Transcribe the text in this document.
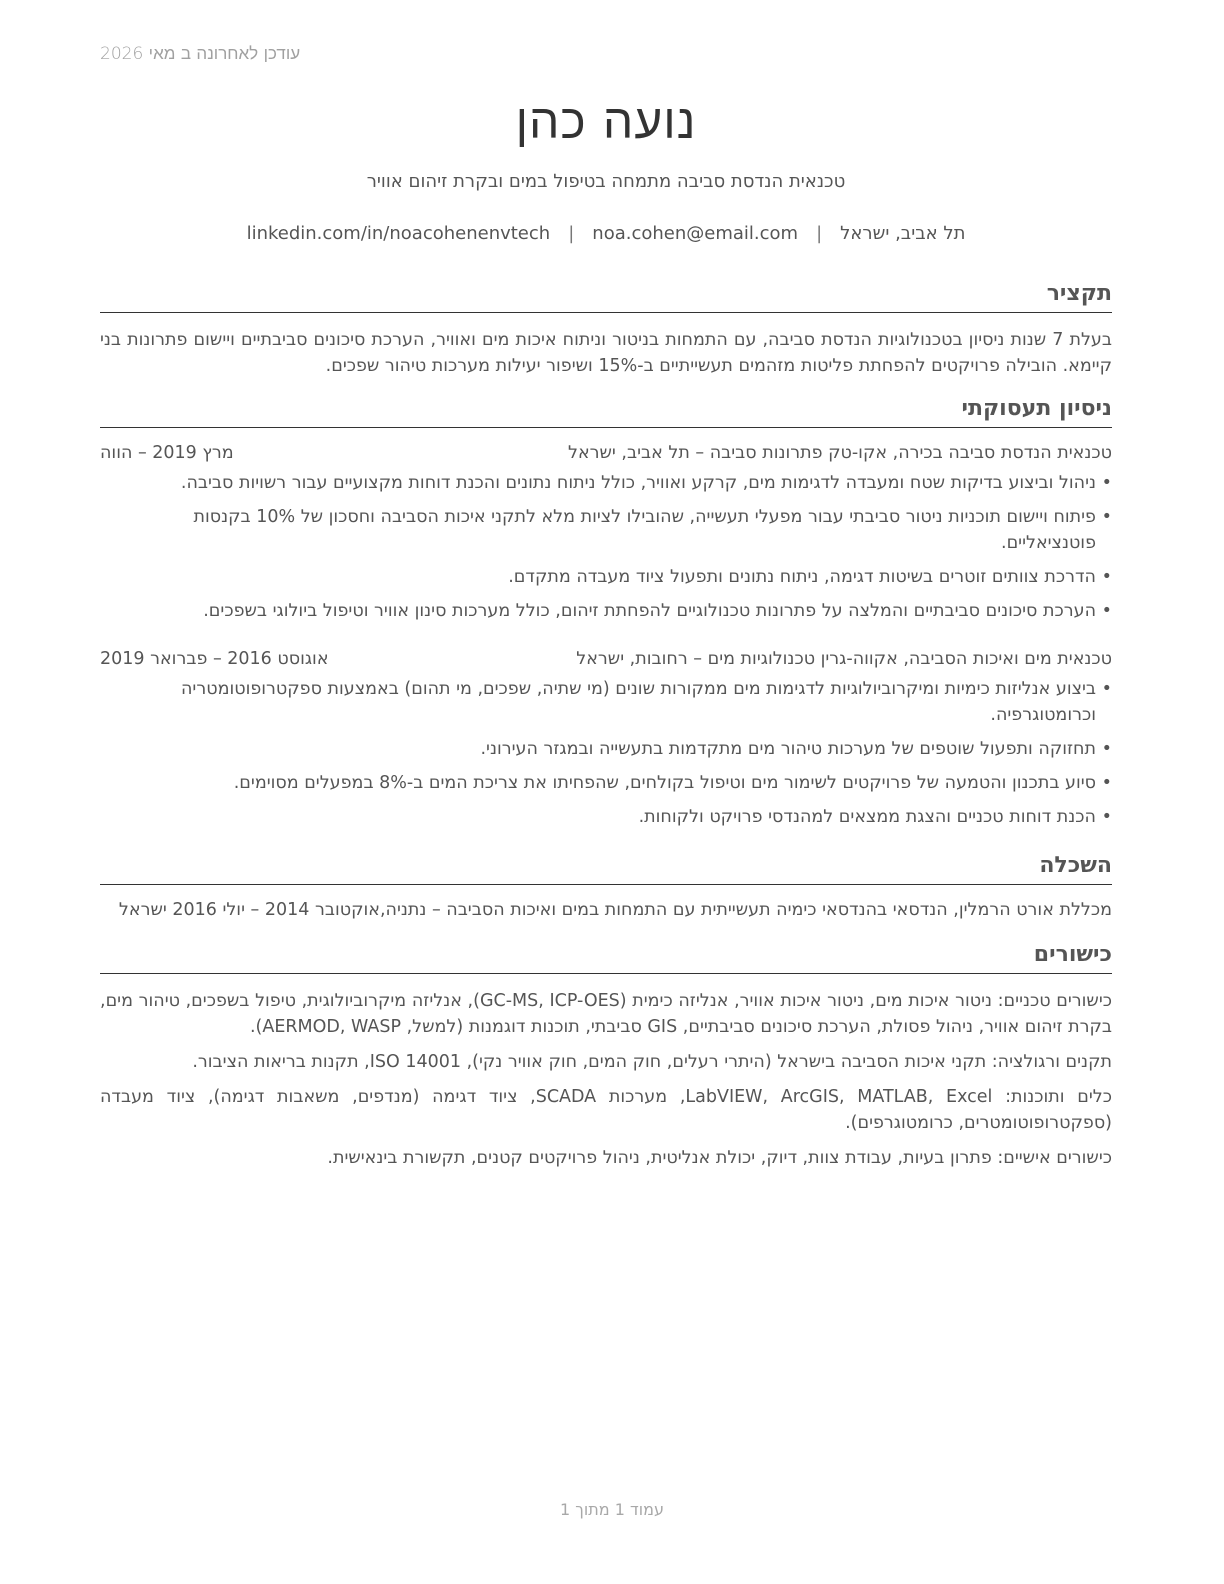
עודכן לאחרונה ב מאי 2026
נועה כהן
טכנאית הנדסת סביבה מתמחה בטיפול במים ובקרת זיהום אוויר
תל אביב, ישראל
|
noa.cohen@email.com
|
linkedin.com/in/noacohenenvtech
תקציר

בעלת 7 שנות ניסיון בטכנולוגיות הנדסת סביבה, עם התמחות בניטור וניתוח איכות מים ואוויר, הערכת סיכונים סביבתיים ויישום פתרונות בני קיימא. הובילה פרויקטים להפחתת פליטות מזהמים תעשייתיים ב-15% ושיפור יעילות מערכות טיהור שפכים.

ניסיון תעסוקתי
טכנאית הנדסת סביבה בכירה, אקו-טק פתרונות סביבה – תל אביב, ישראל
מרץ 2019 – הווה
• ניהול וביצוע בדיקות שטח ומעבדה לדגימות מים, קרקע ואוויר, כולל ניתוח נתונים והכנת דוחות מקצועיים עבור רשויות סביבה.
• פיתוח ויישום תוכניות ניטור סביבתי עבור מפעלי תעשייה, שהובילו לציות מלא לתקני איכות הסביבה וחסכון של 10% בקנסות פוטנציאליים.
• הדרכת צוותים זוטרים בשיטות דגימה, ניתוח נתונים ותפעול ציוד מעבדה מתקדם.
• הערכת סיכונים סביבתיים והמלצה על פתרונות טכנולוגיים להפחתת זיהום, כולל מערכות סינון אוויר וטיפול ביולוגי בשפכים.
טכנאית מים ואיכות הסביבה, אקווה-גרין טכנולוגיות מים – רחובות, ישראל
אוגוסט 2016 – פברואר 2019
• ביצוע אנליזות כימיות ומיקרוביולוגיות לדגימות מים ממקורות שונים (מי שתיה, שפכים, מי תהום) באמצעות ספקטרופוטומטריה וכרומטוגרפיה.
• תחזוקה ותפעול שוטפים של מערכות טיהור מים מתקדמות בתעשייה ובמגזר העירוני.
• סיוע בתכנון והטמעה של פרויקטים לשימור מים וטיפול בקולחים, שהפחיתו את צריכת המים ב-8% במפעלים מסוימים.
• הכנת דוחות טכניים והצגת ממצאים למהנדסי פרויקט ולקוחות.
השכלה

מכללת אורט הרמלין, הנדסאי בהנדסאי כימיה תעשייתית עם התמחות במים ואיכות הסביבה – נתניה,אוקטובר 2014 – יולי 2016 ישראל

כישורים

כישורים טכניים: ניטור איכות מים, ניטור איכות אוויר, אנליזה כימית (GC-MS, ICP-OES), אנליזה מיקרוביולוגית, טיפול בשפכים, טיהור מים, בקרת זיהום אוויר, ניהול פסולת, הערכת סיכונים סביבתיים, GIS סביבתי, תוכנות דוגמנות (למשל, AERMOD, WASP).

תקנים ורגולציה: תקני איכות הסביבה בישראל (היתרי רעלים, חוק המים, חוק אוויר נקי), ISO 14001, תקנות בריאות הציבור.

כלים ותוכנות: LabVIEW, ArcGIS, MATLAB, Excel, מערכות SCADA, ציוד דגימה (מנדפים, משאבות דגימה), ציוד מעבדה (ספקטרופוטומטרים, כרומטוגרפים).

כישורים אישיים: פתרון בעיות, עבודת צוות, דיוק, יכולת אנליטית, ניהול פרויקטים קטנים, תקשורת בינאישית.

עמוד 1 מתוך 1
